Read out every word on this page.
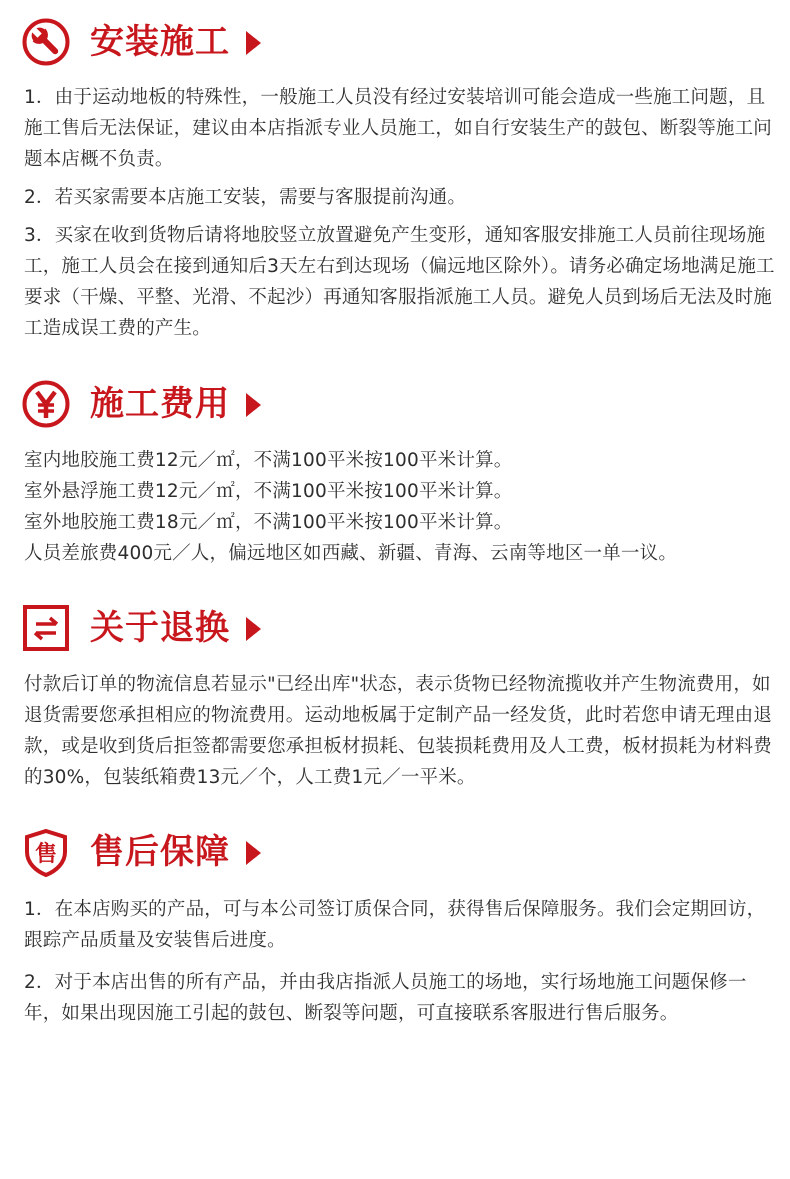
安装施工
1．由于运动地板的特殊性，一般施工人员没有经过安装培训可能会造成一些施工问题，且施工售后无法保证，建议由本店指派专业人员施工，如自行安装生产的鼓包、断裂等施工问题本店概不负责。
2．若买家需要本店施工安装，需要与客服提前沟通。
3．买家在收到货物后请将地胶竖立放置避免产生变形，通知客服安排施工人员前往现场施工，施工人员会在接到通知后3天左右到达现场（偏远地区除外）。请务必确定场地满足施工要求（干燥、平整、光滑、不起沙）再通知客服指派施工人员。避免人员到场后无法及时施工造成误工费的产生。
施工费用
室内地胶施工费12元／㎡，不满100平米按100平米计算。
室外悬浮施工费12元／㎡，不满100平米按100平米计算。
室外地胶施工费18元／㎡，不满100平米按100平米计算。
人员差旅费400元／人，偏远地区如西藏、新疆、青海、云南等地区一单一议。
关于退换
付款后订单的物流信息若显示"已经出库"状态，表示货物已经物流揽收并产生物流费用，如退货需要您承担相应的物流费用。运动地板属于定制产品一经发货，此时若您申请无理由退款，或是收到货后拒签都需要您承担板材损耗、包装损耗费用及人工费，板材损耗为材料费的30%，包装纸箱费13元／个，人工费1元／一平米。
售 售后保障
1．在本店购买的产品，可与本公司签订质保合同，获得售后保障服务。我们会定期回访，跟踪产品质量及安装售后进度。
2．对于本店出售的所有产品，并由我店指派人员施工的场地，实行场地施工问题保修一年，如果出现因施工引起的鼓包、断裂等问题，可直接联系客服进行售后服务。
